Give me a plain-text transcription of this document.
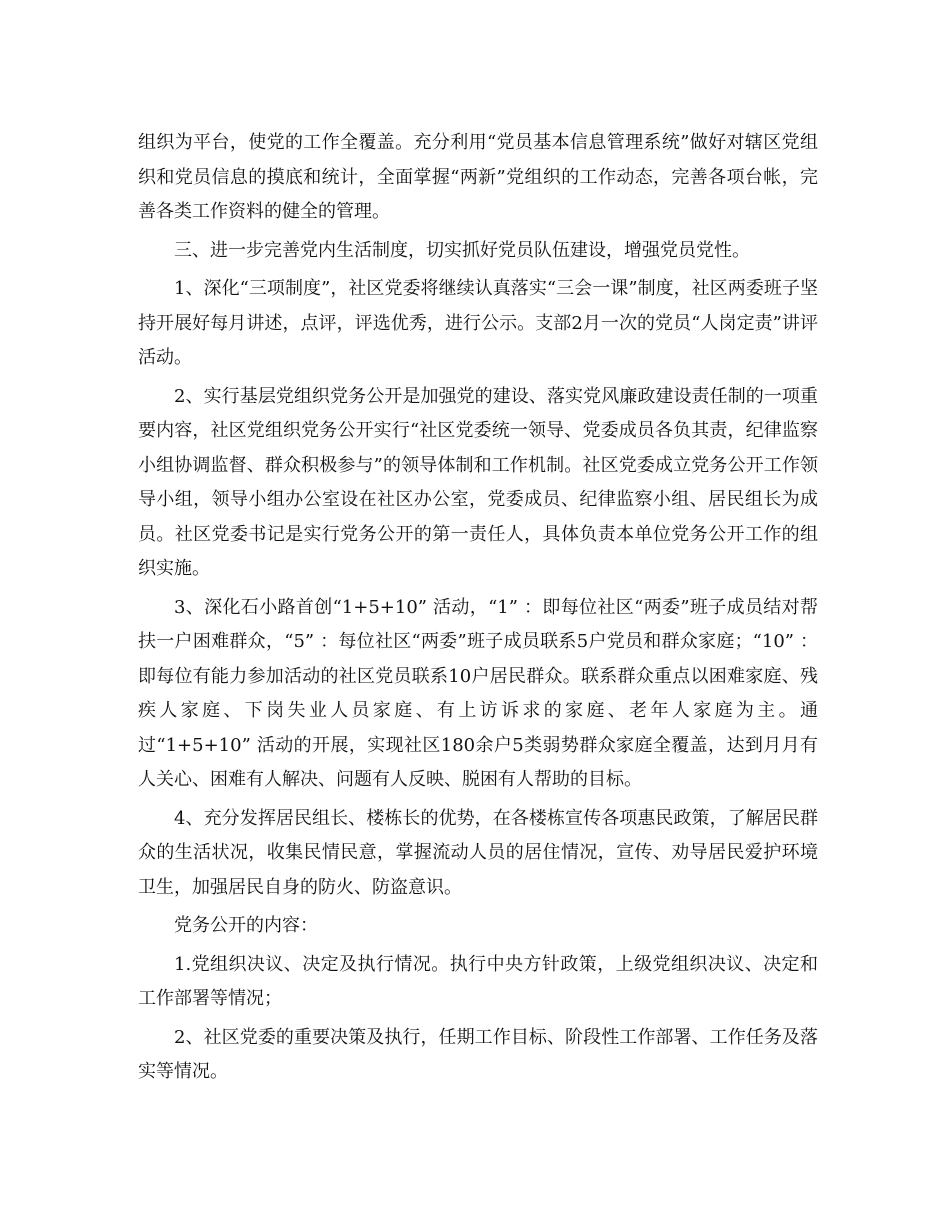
组织为平台，使党的工作全覆盖。充分利用“党员基本信息管理系统”做好对辖区党组织和党员信息的摸底和统计，全面掌握“两新”党组织的工作动态，完善各项台帐，完善各类工作资料的健全的管理。

三、进一步完善党内生活制度，切实抓好党员队伍建设，增强党员党性。

1、深化“三项制度”，社区党委将继续认真落实“三会一课”制度，社区两委班子坚持开展好每月讲述，点评，评选优秀，进行公示。支部2月一次的党员“人岗定责”讲评活动。

2、实行基层党组织党务公开是加强党的建设、落实党风廉政建设责任制的一项重要内容，社区党组织党务公开实行“社区党委统一领导、党委成员各负其责，纪律监察小组协调监督、群众积极参与”的领导体制和工作机制。社区党委成立党务公开工作领导小组，领导小组办公室设在社区办公室，党委成员、纪律监察小组、居民组长为成员。社区党委书记是实行党务公开的第一责任人，具体负责本单位党务公开工作的组织实施。

3、深化石小路首创“1+5+10” 活动，“1” ：即每位社区“两委”班子成员结对帮扶一户困难群众，“5” ：每位社区“两委”班子成员联系5户党员和群众家庭；“10” ：即每位有能力参加活动的社区党员联系10户居民群众。联系群众重点以困难家庭、残疾人家庭、下岗失业人员家庭、有上访诉求的家庭、老年人家庭为主。通过“1+5+10” 活动的开展，实现社区180余户5类弱势群众家庭全覆盖，达到月月有人关心、困难有人解决、问题有人反映、脱困有人帮助的目标。

4、充分发挥居民组长、楼栋长的优势，在各楼栋宣传各项惠民政策，了解居民群众的生活状况，收集民情民意，掌握流动人员的居住情况，宣传、劝导居民爱护环境卫生，加强居民自身的防火、防盗意识。

党务公开的内容：

1.党组织决议、决定及执行情况。执行中央方针政策，上级党组织决议、决定和工作部署等情况；

2、社区党委的重要决策及执行，任期工作目标、阶段性工作部署、工作任务及落实等情况。
